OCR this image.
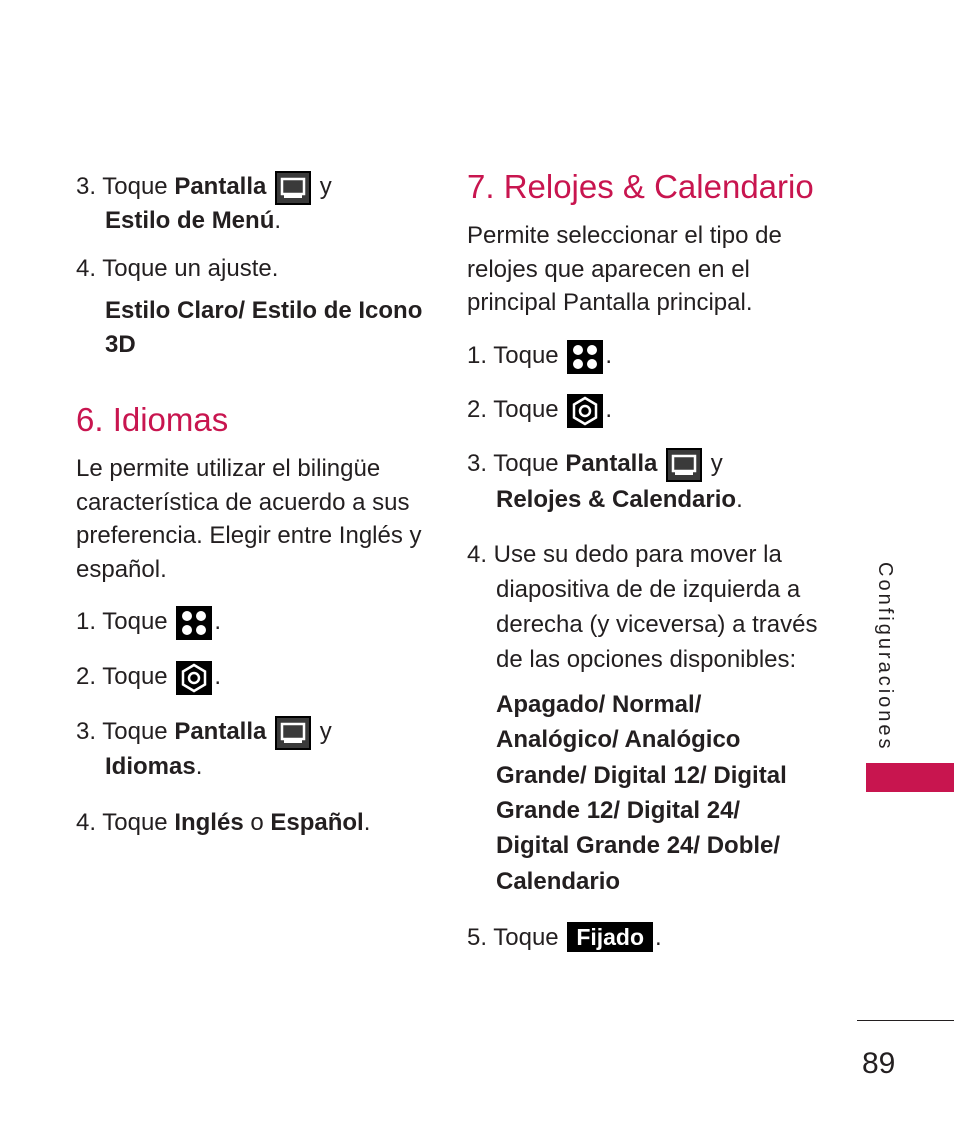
3. Toque Pantalla y
Estilo de Menú.
4. Toque un ajuste.
Estilo Claro/ Estilo de Icono
3D
6. Idiomas
Le permite utilizar el bilingüe
característica de acuerdo a sus
preferencia. Elegir entre Inglés y
español.
1. Toque .
2. Toque .
3. Toque Pantalla y
Idiomas.
4. Toque Inglés o Español.
7. Relojes & Calendario
Permite seleccionar el tipo de
relojes que aparecen en el
principal Pantalla principal.
1. Toque .
2. Toque .
3. Toque Pantalla y
Relojes & Calendario.
4. Use su dedo para mover la
diapositiva de de izquierda a
derecha (y viceversa) a través
de las opciones disponibles:
Apagado/ Normal/
Analógico/ Analógico
Grande/ Digital 12/ Digital
Grande 12/ Digital 24/
Digital Grande 24/ Doble/
Calendario
5. Toque Fijado .
Configuraciones
89
